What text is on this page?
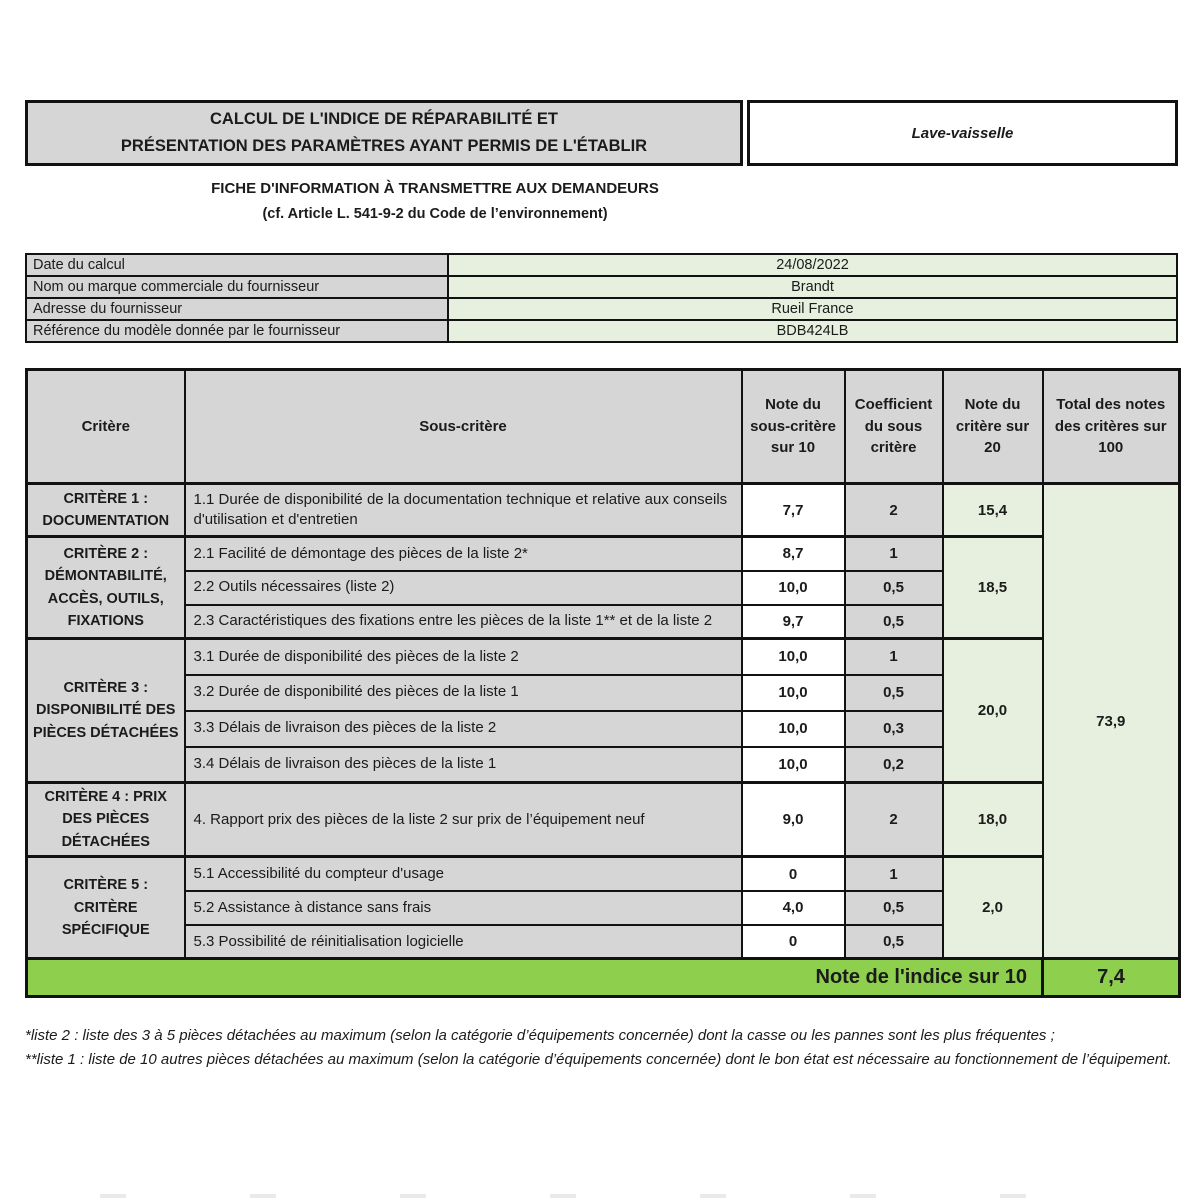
CALCUL DE L'INDICE DE RÉPARABILITÉ ET
PRÉSENTATION DES PARAMÈTRES AYANT PERMIS DE L'ÉTABLIR
Lave-vaisselle
FICHE D'INFORMATION À TRANSMETTRE AUX DEMANDEURS
(cf. Article L. 541-9-2 du Code de l’environnement)
Date du calcul	24/08/2022
Nom ou marque commerciale du fournisseur	Brandt
Adresse du fournisseur	Rueil France
Référence du modèle donnée par le fournisseur	BDB424LB
Critère	Sous-critère	Note du sous-critère sur 10	Coefficient du sous critère	Note du critère sur 20	Total des notes des critères sur 100
CRITÈRE 1 : DOCUMENTATION	1.1 Durée de disponibilité de la documentation technique et relative aux conseils d'utilisation et d'entretien	7,7	2	15,4	73,9
CRITÈRE 2 : DÉMONTABILITÉ, ACCÈS, OUTILS, FIXATIONS	2.1 Facilité de démontage des pièces de la liste 2*	8,7	1	18,5	
	2.2 Outils nécessaires (liste 2)	10,0	0,5		
	2.3 Caractéristiques des fixations entre les pièces de la liste 1** et de la liste 2	9,7	0,5		
CRITÈRE 3 : DISPONIBILITÉ DES PIÈCES DÉTACHÉES	3.1 Durée de disponibilité des pièces de la liste 2	10,0	1	20,0	
	3.2 Durée de disponibilité des pièces de la liste 1	10,0	0,5		
	3.3 Délais de livraison des pièces de la liste 2	10,0	0,3		
	3.4 Délais de livraison des pièces de la liste 1	10,0	0,2		
CRITÈRE 4 : PRIX DES PIÈCES DÉTACHÉES	4. Rapport prix des pièces de la liste 2 sur prix de l’équipement neuf	9,0	2	18,0	
CRITÈRE 5 : CRITÈRE SPÉCIFIQUE	5.1 Accessibilité du compteur d'usage	0	1	2,0	
	5.2 Assistance à distance sans frais	4,0	0,5		
	5.3 Possibilité de réinitialisation logicielle	0	0,5		
Note de l'indice sur 10					7,4

*liste 2 : liste des 3 à 5 pièces détachées au maximum (selon la catégorie d’équipements concernée) dont la casse ou les pannes sont les plus fréquentes ;

**liste 1 : liste de 10 autres pièces détachées au maximum (selon la catégorie d’équipements concernée) dont le bon état est nécessaire au fonctionnement de l’équipement.
